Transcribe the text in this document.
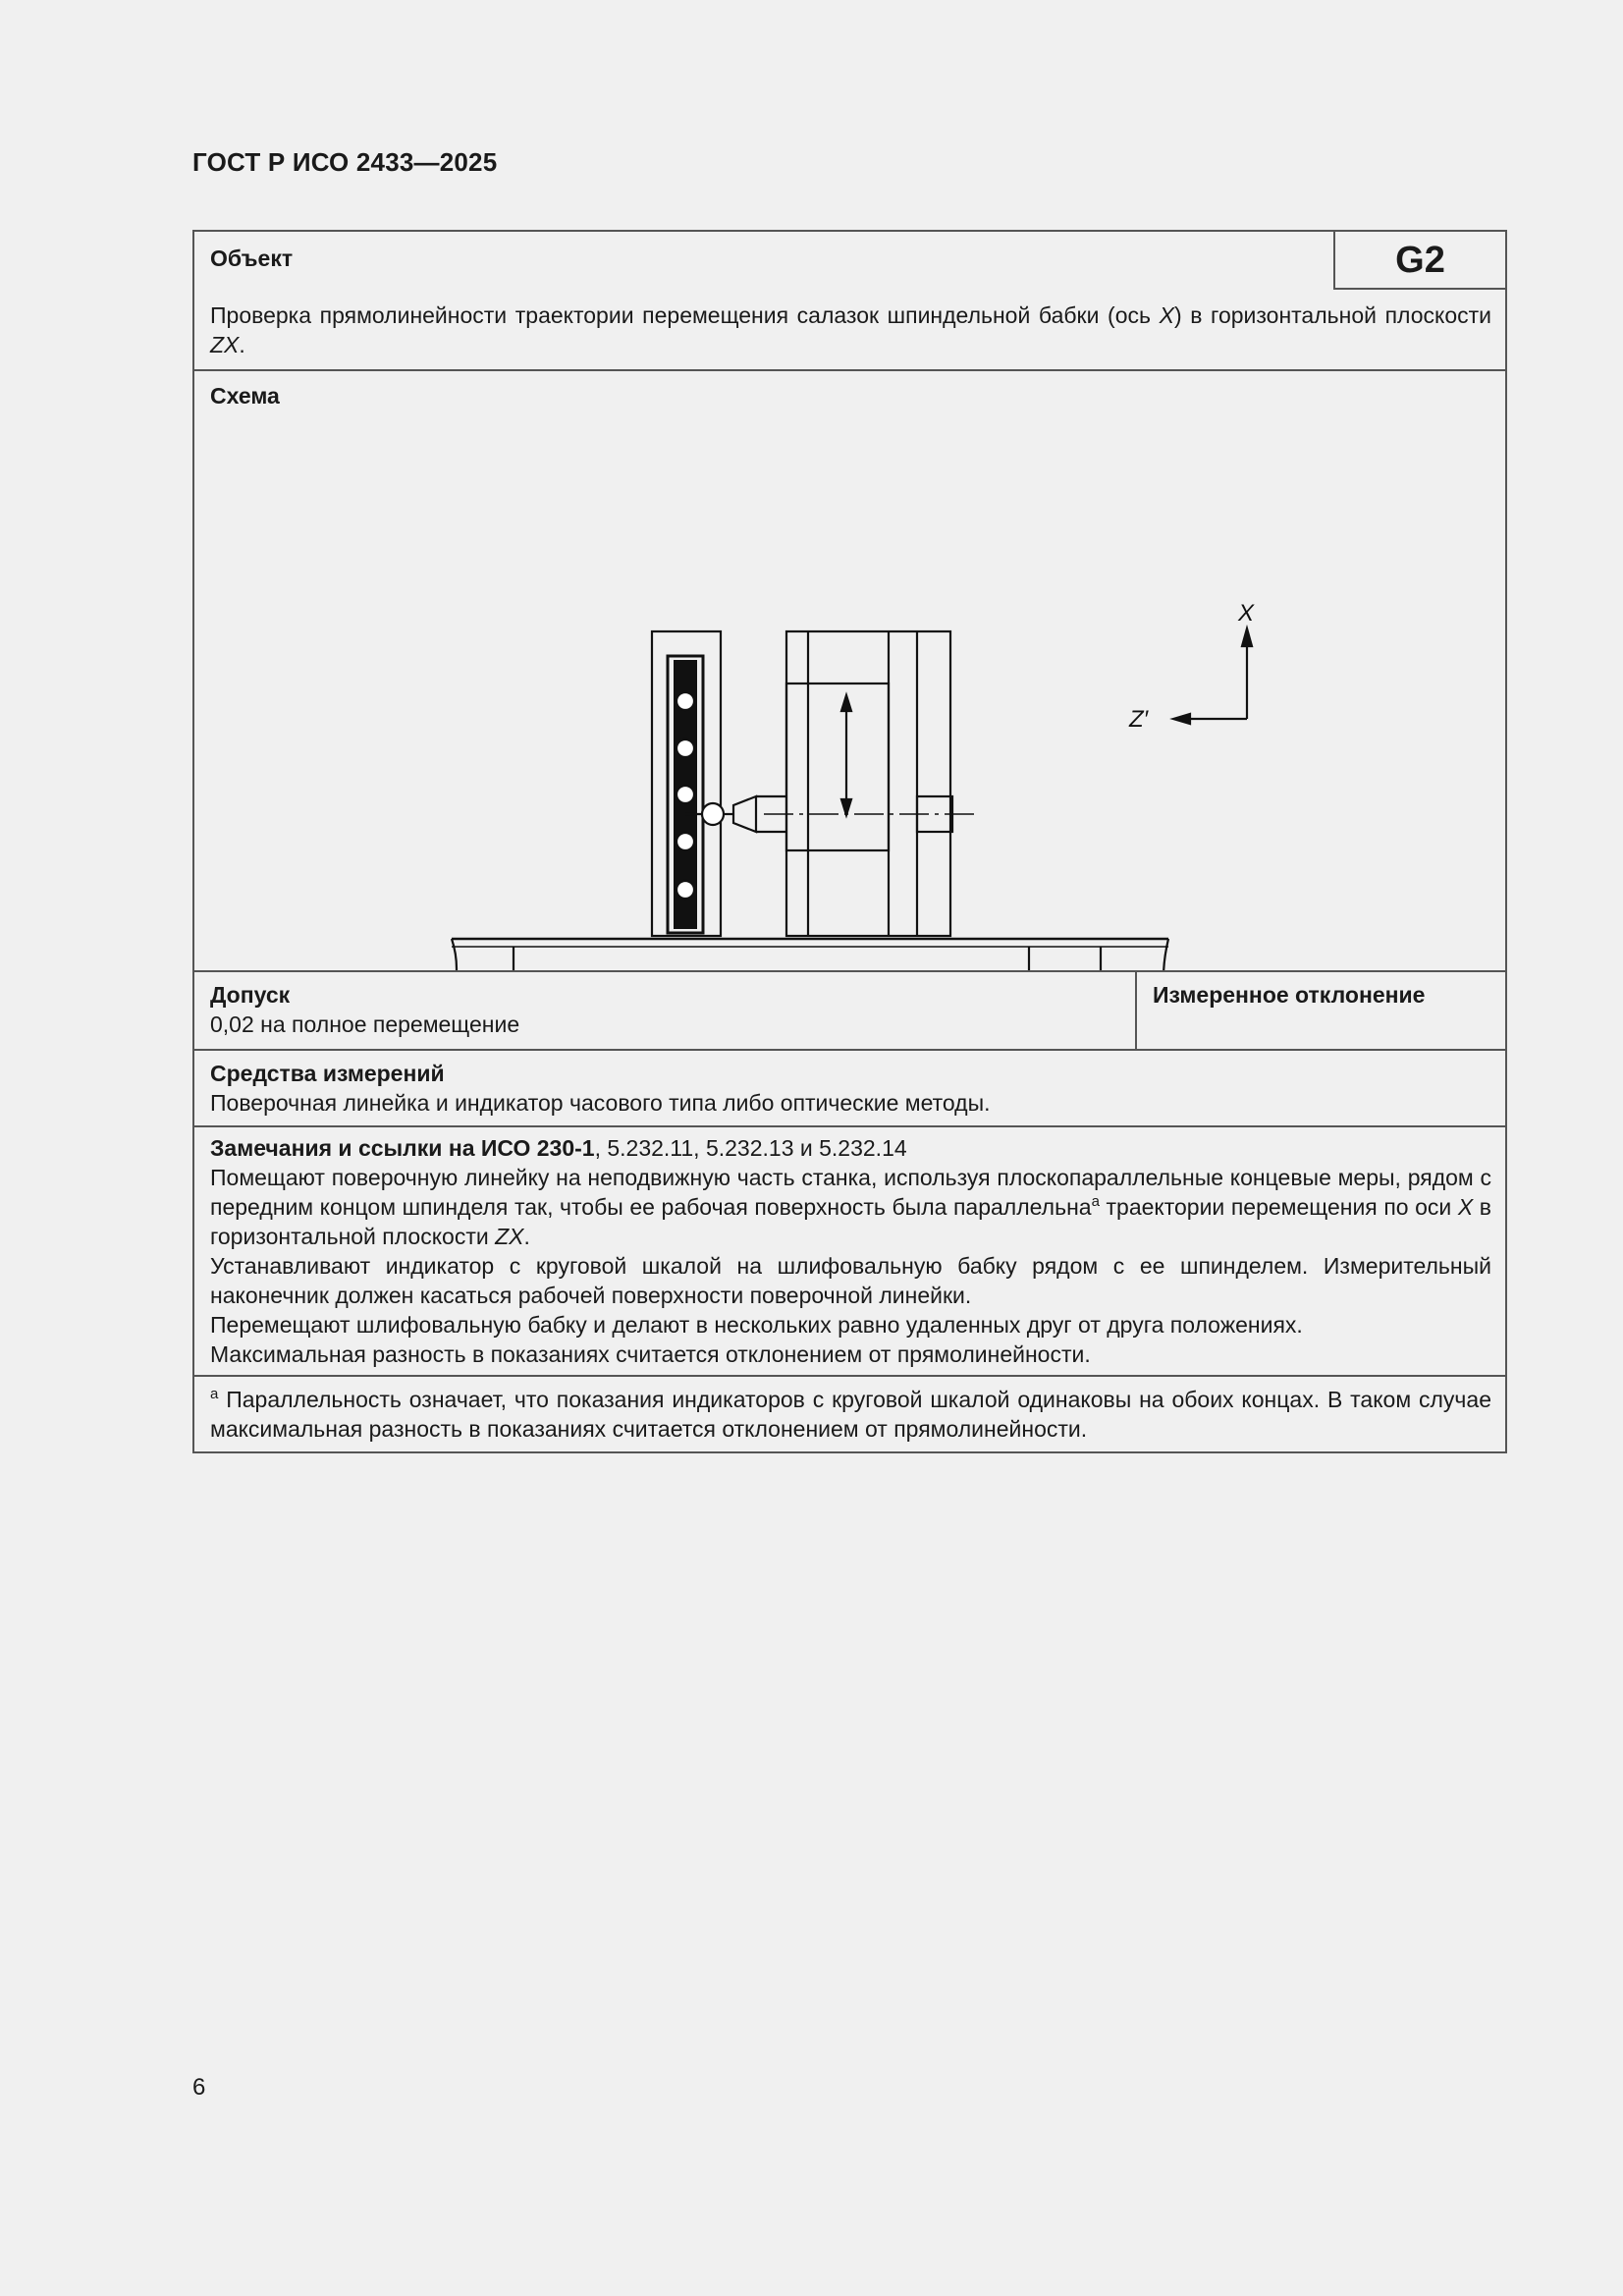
ГОСТ Р ИСО 2433—2025
Объект	G2
Проверка прямолинейности траектории перемещения салазок шпиндельной бабки (ось X) в горизонтальной плоскости ZX.
Схема
X
Z′
Допуск
0,02 на полное перемещение
Измеренное отклонение
Средства измерений
Поверочная линейка и индикатор часового типа либо оптические методы.

Замечания и ссылки на ИСО 230-1, 5.232.11, 5.232.13 и 5.232.14

Помещают поверочную линейку на неподвижную часть станка, используя плоскопараллельные концевые меры, рядом с передним концом шпинделя так, чтобы ее рабочая поверхность была параллельна$^a$ траектории перемещения по оси X в горизонтальной плоскости ZX.

Устанавливают индикатор с круговой шкалой на шлифовальную бабку рядом с ее шпинделем. Измерительный наконечник должен касаться рабочей поверхности поверочной линейки.

Перемещают шлифовальную бабку и делают в нескольких равно удаленных друг от друга положениях.

Максимальная разность в показаниях считается отклонением от прямолинейности.

$^a$ Параллельность означает, что показания индикаторов с круговой шкалой одинаковы на обоих концах. В таком случае максимальная разность в показаниях считается отклонением от прямолинейности.

6
